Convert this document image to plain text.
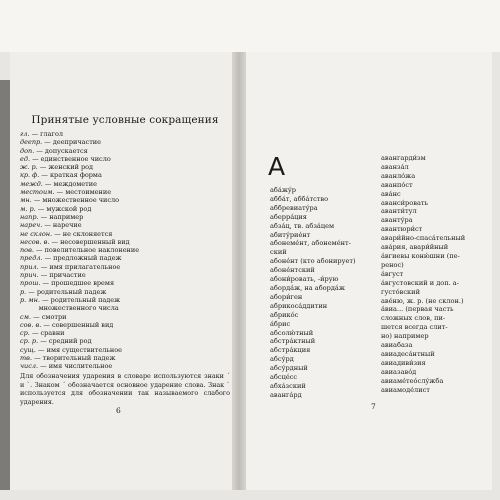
Принятые условные сокращения
гл. — глагол
деепр. — деепричастие
доп. — допускается
ед. — единственное число
ж. р. — женский род
кр. ф. — краткая форма
межд. — междометие
местоим. — местоимение
мн. — множественное число
м. р. — мужской род
напр. — например
нареч. — наречие
не склон. — не склоняется
несов. в. — несовершенный вид
пов. — повелительное наклонение
предл. — предложный падеж
прил. — имя прилагательное
прич. — причастие
прош. — прошедшее время
р. — родительный падеж
р. мн. — родительный падеж
множественного числа
см. — смотри
сов. в. — совершенный вид
ср. — сравни
ср. р. — средний род
сущ. — имя существительное
тв. — творительный падеж
числ. — имя числительное
Для обозначения ударения в словаре используются знаки ´ и `. Знаком ´ обозначается основное ударение слова. Знак ` используется для обозначении так называемого слабого ударения.
6
А
аба́жу́р
абба́т, абба́тство
аббревиату́ра
аберра́ция
абза́ц, тв. абза́цем
абиту́рие́нт
абонеме́нт, абонеме́нт-
ский
абоне́нт (кто абонирует)
абоне́нтский
абони́ровать, -и́рую
аборда́ж, на аборда́ж
абори́ген
абрикоса́ддитин
абрико́с
а́брис
абсолю́тный
абстра́ктный
абстра́кция
абсу́рд
абсу́рдный
абсце́сс
абха́зский
аванга́рд
авангарди́зм
аванза́л
аванло́жа
аванпо́ст
ава́нс
аванси́ровать
аванти́тул
аванту́ра
авантюри́ст
авари́йно-спаса́тельный
ава́рия, авари́йный
а́вгиевы коню́шни (пе-
ренос)
а́вгуст
а́вгустовский и доп. а-
густо́вский
аве́ню, ж. р. (не склон.)
а́виа... (первая часть
сложных слов, пи-
шется всегда слит-
но) например
авиабаза
авиадеса́нтный
авиадиви́зия
авиазаво́д
авиаме́тео́слу́жба
авиамоде́лист
7
